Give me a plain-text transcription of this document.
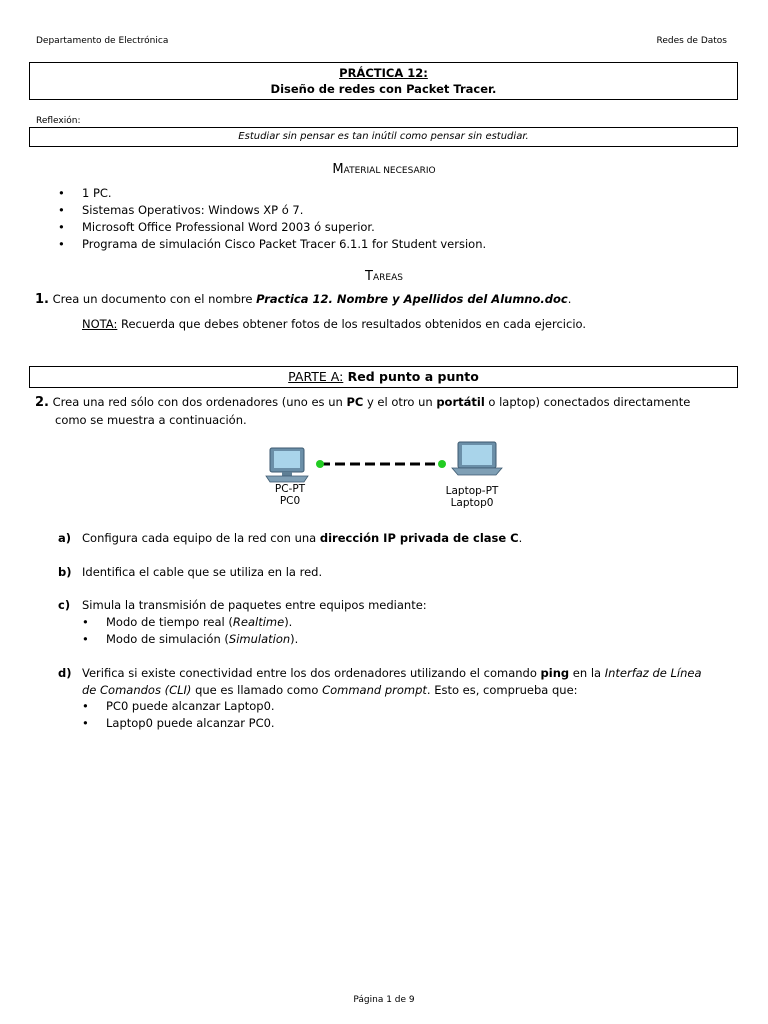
Departamento de Electrónica	Redes de Datos
PRÁCTICA 12:
Diseño de redes con Packet Tracer.
Reflexión:
Estudiar sin pensar es tan inútil como pensar sin estudiar.
MATERIAL NECESARIO
• 1 PC.
• Sistemas Operativos: Windows XP ó 7.
• Microsoft Office Professional Word 2003 ó superior.
• Programa de simulación Cisco Packet Tracer 6.1.1 for Student version.
TAREAS
1. Crea un documento con el nombre Practica 12. Nombre y Apellidos del Alumno.doc.
NOTA: Recuerda que debes obtener fotos de los resultados obtenidos en cada ejercicio.
PARTE A: Red punto a punto
2. Crea una red sólo con dos ordenadores (uno es un PC y el otro un portátil o laptop) conectados directamente
como se muestra a continuación.
PC-PT
PC0
Laptop-PT
Laptop0
a) Configura cada equipo de la red con una dirección IP privada de clase C.
b) Identifica el cable que se utiliza en la red.
c) Simula la transmisión de paquetes entre equipos mediante:
• Modo de tiempo real (Realtime).
• Modo de simulación (Simulation).
d) Verifica si existe conectividad entre los dos ordenadores utilizando el comando ping en la Interfaz de Línea
de Comandos (CLI) que es llamado como Command prompt. Esto es, comprueba que:
• PC0 puede alcanzar Laptop0.
• Laptop0 puede alcanzar PC0.
Página 1 de 9
